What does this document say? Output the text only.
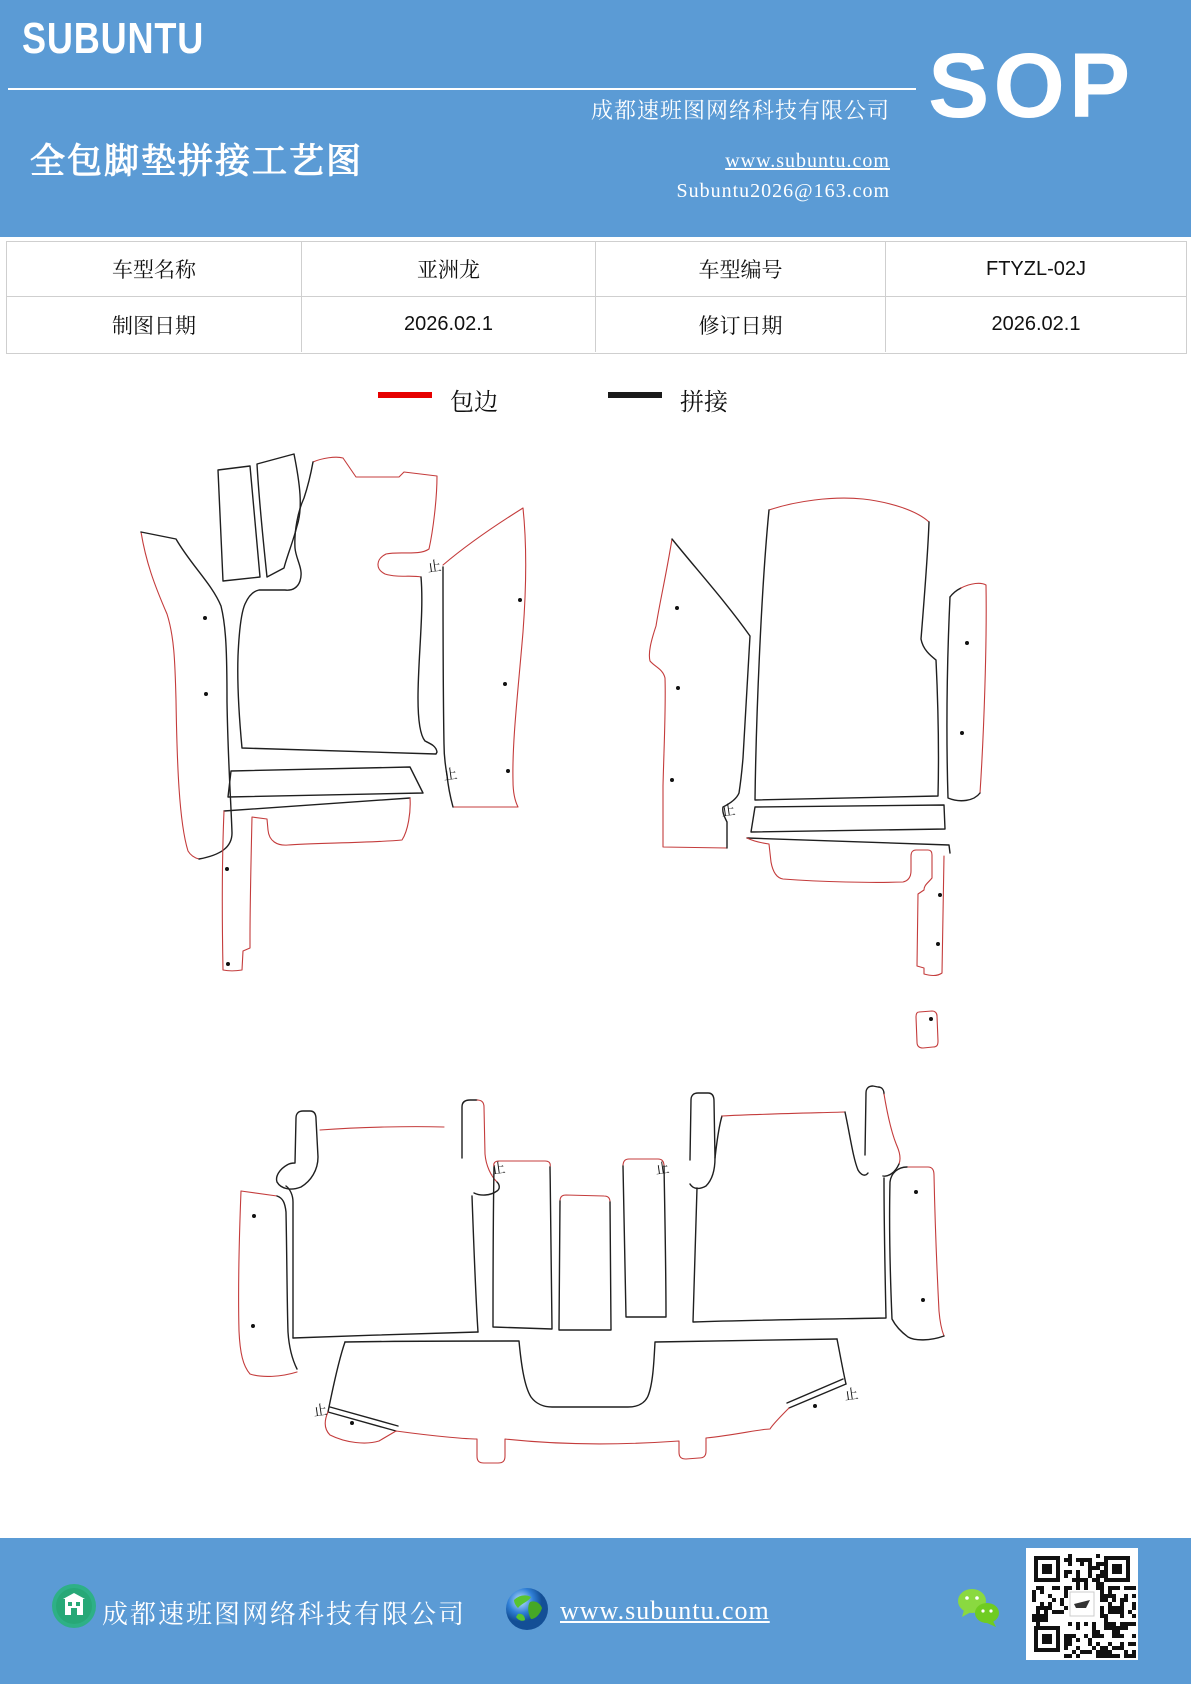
SUBUNTU
全包脚垫拼接工艺图
成都速班图网络科技有限公司
www.subuntu.com
Subuntu2026@163.com
SOP
车型名称	亚洲龙	车型编号	FTYZL-02J
制图日期	2026.02.1	修订日期	2026.02.1
包边	拼接
止
止
止
止	止
止
止
成都速班图网络科技有限公司	www.subuntu.com
